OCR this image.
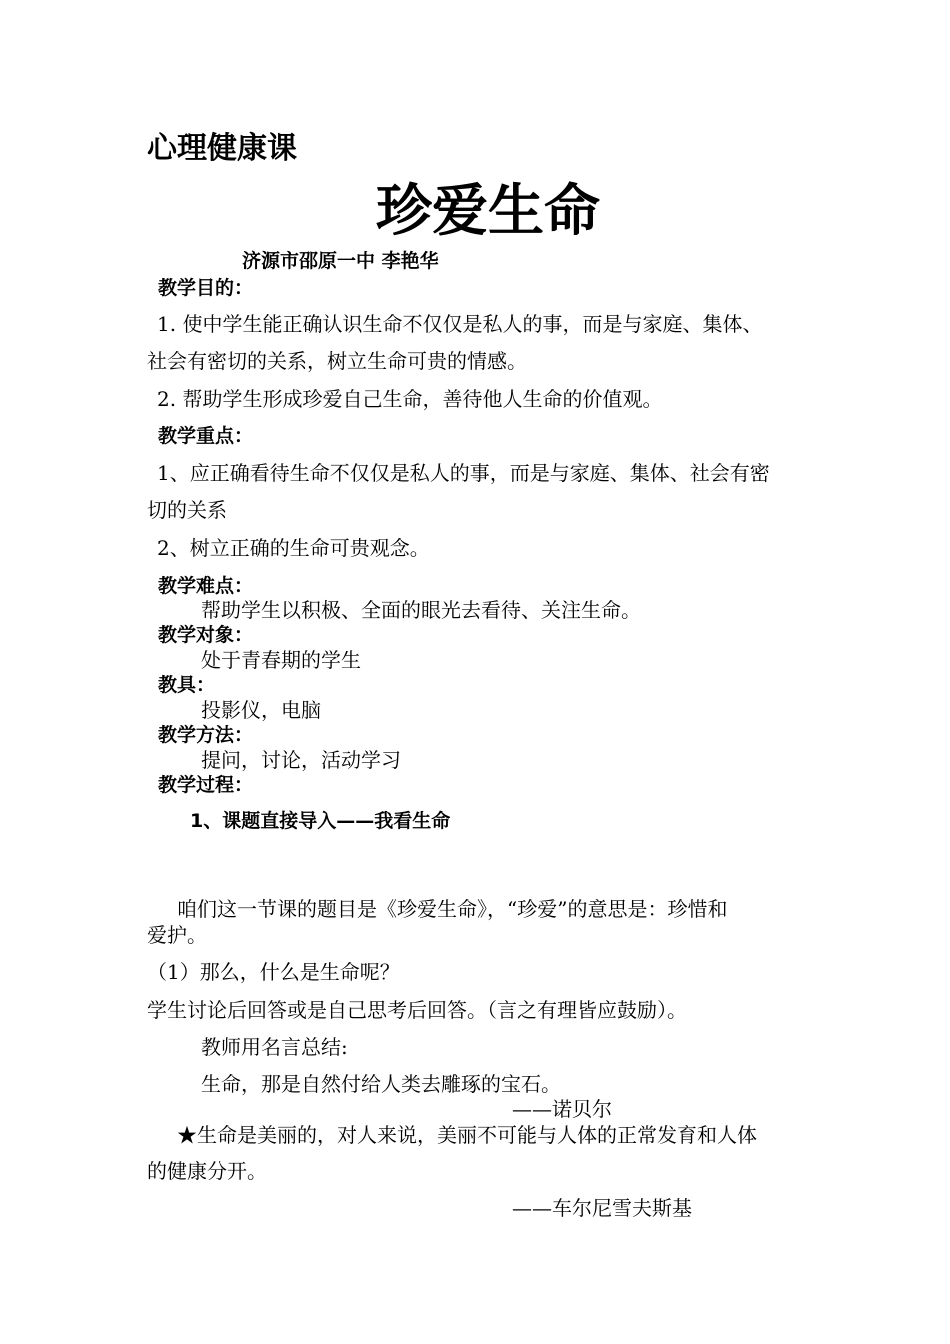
心理健康课
珍爱生命
济源市邵原一中 李艳华
教学目的：
1. 使中学生能正确认识生命不仅仅是私人的事，而是与家庭、集体、
社会有密切的关系，树立生命可贵的情感。
2. 帮助学生形成珍爱自己生命，善待他人生命的价值观。
教学重点：
1、应正确看待生命不仅仅是私人的事，而是与家庭、集体、社会有密
切的关系
2、树立正确的生命可贵观念。
教学难点：
帮助学生以积极、全面的眼光去看待、关注生命。
教学对象：
处于青春期的学生
教具：
投影仪，电脑
教学方法：
提问，讨论，活动学习
教学过程：
1、课题直接导入——我看生命
咱们这一节课的题目是《珍爱生命》，“珍爱”的意思是：珍惜和
爱护。
（1）那么，什么是生命呢？
学生讨论后回答或是自己思考后回答。（言之有理皆应鼓励）。
教师用名言总结:
生命，那是自然付给人类去雕琢的宝石。
——诺贝尔
★生命是美丽的，对人来说，美丽不可能与人体的正常发育和人体
的健康分开。
——车尔尼雪夫斯基
